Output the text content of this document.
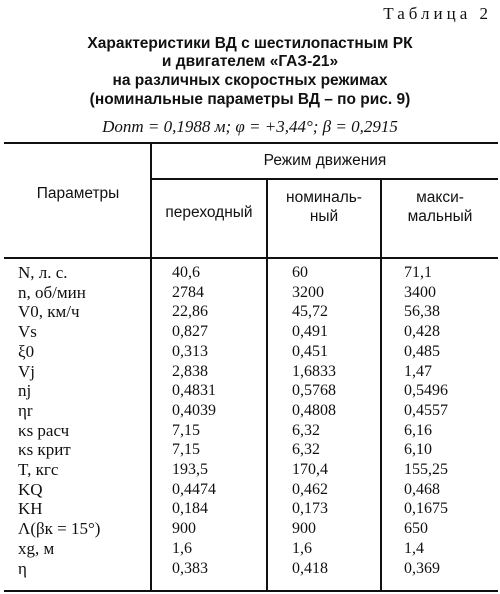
Таблица 2
Характеристики ВД с шестилопастным РК
и двигателем «ГАЗ-21»
на различных скоростных режимах
(номинальные параметры ВД – по рис. 9)
Dопт = 0,1988 м; φ = +3,44°; β = 0,2915
Параметры
Режим движения
переходный
номиналь-
ный
макси-
мальный
N, л. с.	40,6	60	71,1
n, об/мин	2784	3200	3400
V0, км/ч	22,86	45,72	56,38
Vs	0,827	0,491	0,428
ξ0	0,313	0,451	0,485
Vj	2,838	1,6833	1,47
nj	0,4831	0,5768	0,5496
ηr	0,4039	0,4808	0,4557
κs расч	7,15	6,32	6,16
κs крит	7,15	6,32	6,10
T, кгс	193,5	170,4	155,25
KQ	0,4474	0,462	0,468
KH	0,184	0,173	0,1675
Λ(βк = 15°)	900	900	650
xg, м	1,6	1,6	1,4
η	0,383	0,418	0,369
